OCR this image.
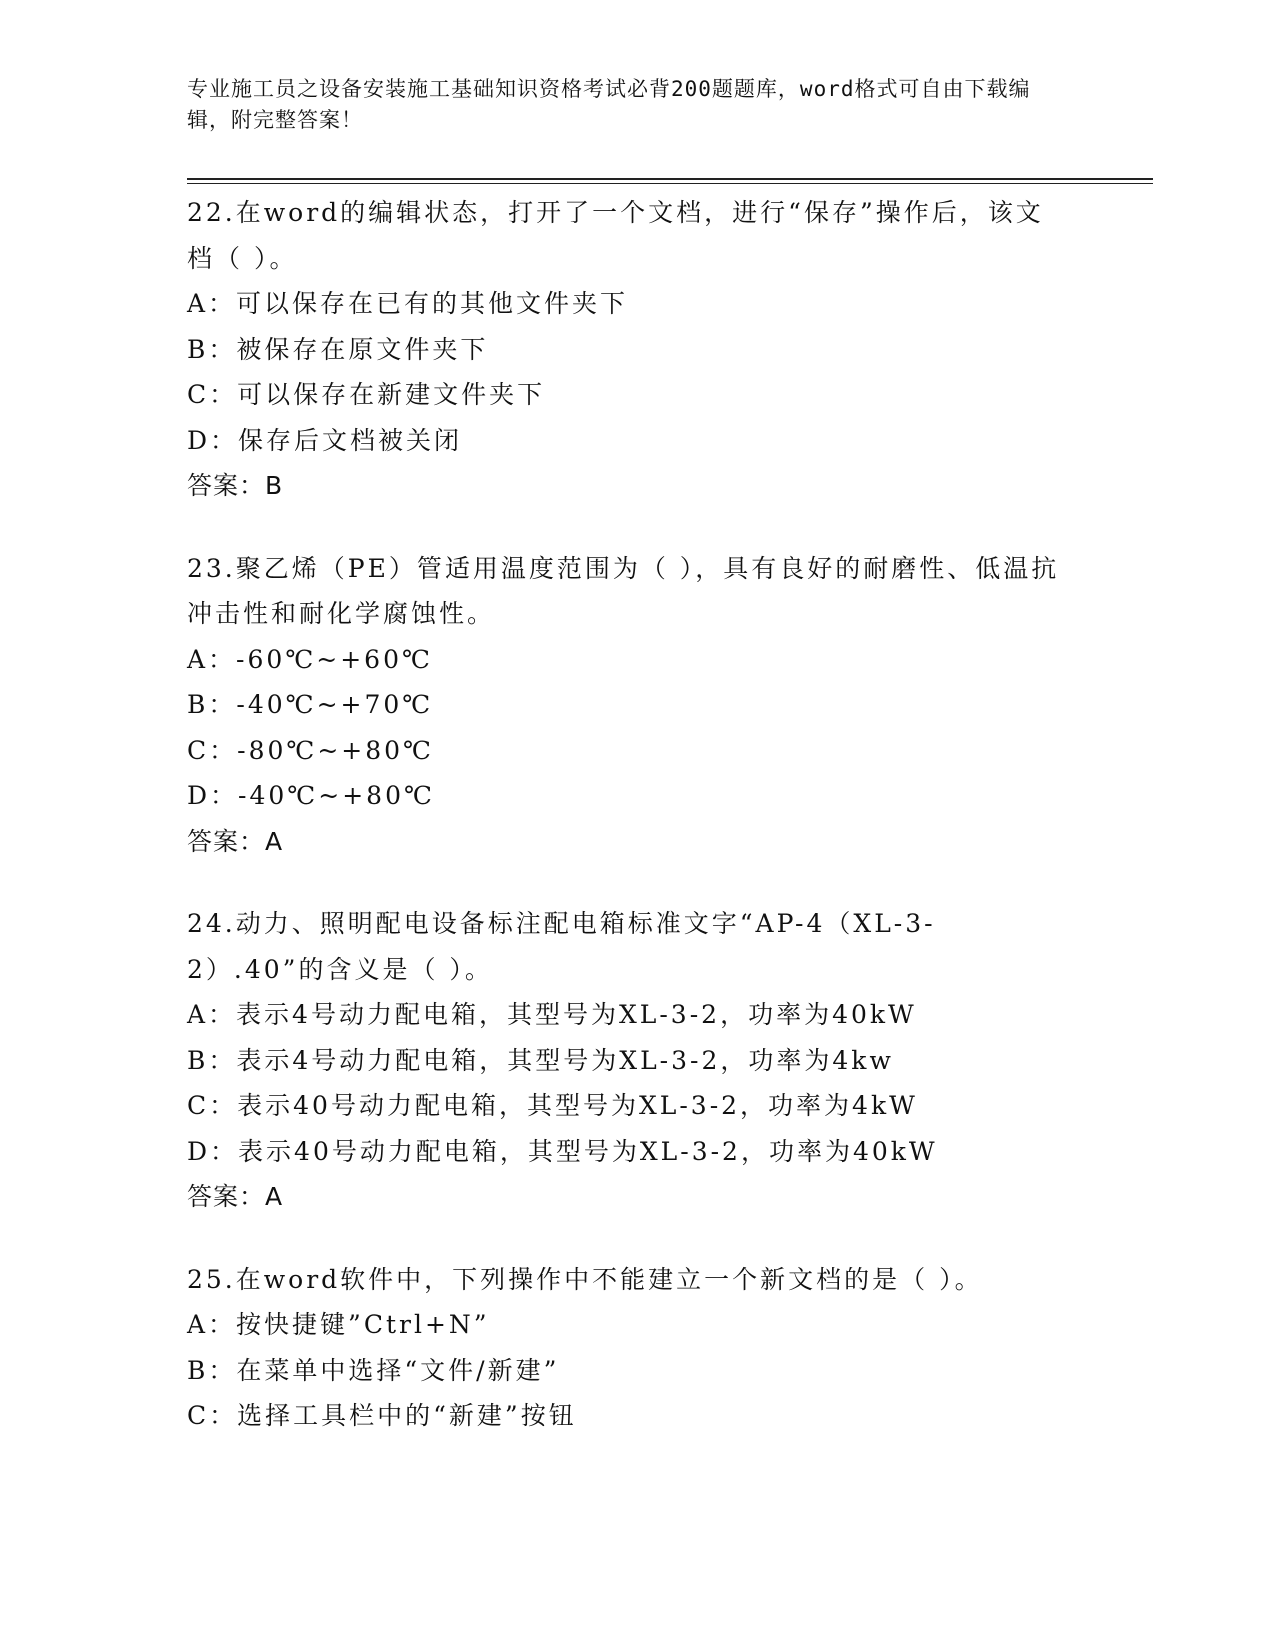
专业施工员之设备安装施工基础知识资格考试必背200题题库，word格式可自由下载编辑，附完整答案！
22.在word的编辑状态，打开了一个文档，进行“保存”操作后，该文档（ ）。
A：可以保存在已有的其他文件夹下
B：被保存在原文件夹下
C：可以保存在新建文件夹下
D：保存后文档被关闭
答案：B
23.聚乙烯（PE）管适用温度范围为（ ），具有良好的耐磨性、低温抗冲击性和耐化学腐蚀性。
A：-60℃~+60℃
B：-40℃~+70℃
C：-80℃~+80℃
D：-40℃~+80℃
答案：A
24.动力、照明配电设备标注配电箱标准文字“AP-4（XL-3-2）.40”的含义是（ ）。
A：表示4号动力配电箱，其型号为XL-3-2，功率为40kW
B：表示4号动力配电箱，其型号为XL-3-2，功率为4kw
C：表示40号动力配电箱，其型号为XL-3-2，功率为4kW
D：表示40号动力配电箱，其型号为XL-3-2，功率为40kW
答案：A
25.在word软件中，下列操作中不能建立一个新文档的是（ ）。
A：按快捷键”Ctrl+N”
B：在菜单中选择“文件/新建”
C：选择工具栏中的“新建”按钮
